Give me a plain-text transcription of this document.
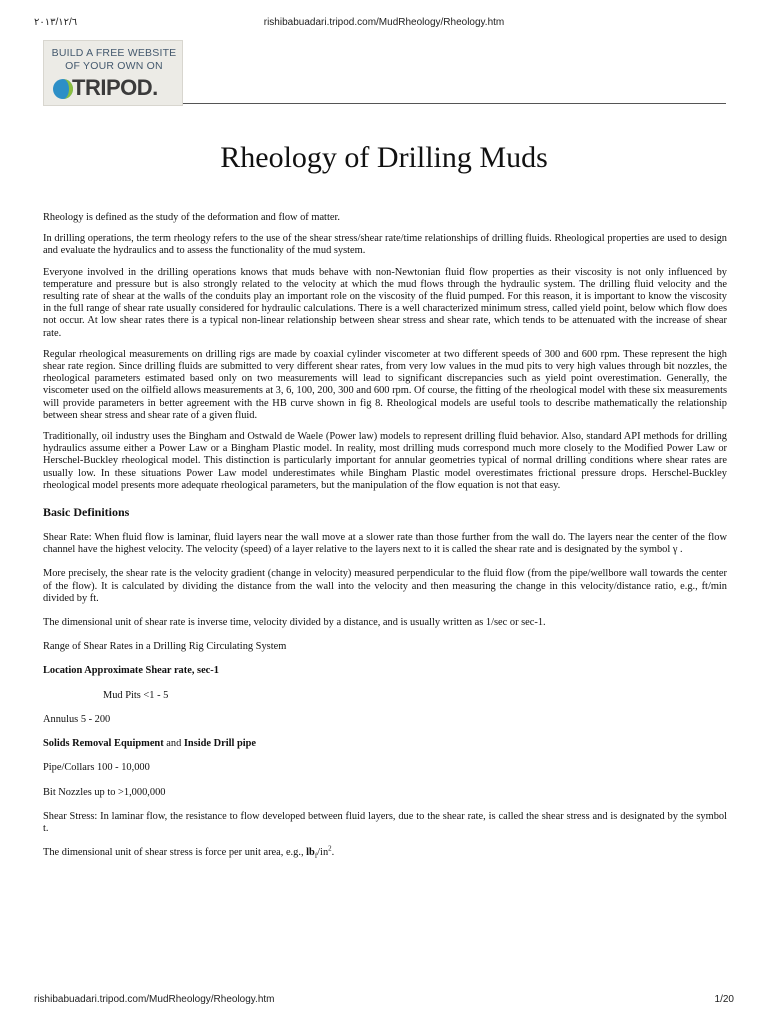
٢٠١٣/١٢/٦	rishibabuadari.tripod.com/MudRheology/Rheology.htm
BUILD A FREE WEBSITE
OF YOUR OWN ON
TRIPOD.
Rheology of Drilling Muds

Rheology is defined as the study of the deformation and flow of matter.

In drilling operations, the term rheology refers to the use of the shear stress/shear rate/time relationships of drilling fluids. Rheological properties are used to design and evaluate the hydraulics and to assess the functionality of the mud system.

Everyone involved in the drilling operations knows that muds behave with non-Newtonian fluid flow properties as their viscosity is not only influenced by temperature and pressure but is also strongly related to the velocity at which the mud flows through the hydraulic system. The drilling fluid velocity and the resulting rate of shear at the walls of the conduits play an important role on the viscosity of the fluid pumped. For this reason, it is important to know the viscosity in the full range of shear rate usually considered for hydraulic calculations. There is a well characterized minimum stress, called yield point, below which flow does not occur. At low shear rates there is a typical non-linear relationship between shear stress and shear rate, which tends to be attenuated with the increase of shear rate.

Regular rheological measurements on drilling rigs are made by coaxial cylinder viscometer at two different speeds of 300 and 600 rpm. These represent the high shear rate region. Since drilling fluids are submitted to very different shear rates, from very low values in the mud pits to very high values through bit nozzles, the rheological parameters estimated based only on two measurements will lead to significant discrepancies such as yield point overestimation. Generally, the viscometer used on the oilfield allows measurements at 3, 6, 100, 200, 300 and 600 rpm. Of course, the fitting of the rheological model with these six measurements will provide parameters in better agreement with the HB curve shown in fig 8. Rheological models are useful tools to describe mathematically the relationship between shear stress and shear rate of a given fluid.

Traditionally, oil industry uses the Bingham and Ostwald de Waele (Power law) models to represent drilling fluid behavior. Also, standard API methods for drilling hydraulics assume either a Power Law or a Bingham Plastic model. In reality, most drilling muds correspond much more closely to the Modified Power Law or Herschel-Buckley rheological model. This distinction is particularly important for annular geometries typical of normal drilling conditions where shear rates are usually low. In these situations Power Law model underestimates while Bingham Plastic model overestimates frictional pressure drops. Herschel-Buckley rheological model presents more adequate rheological parameters, but the manipulation of the flow equation is not that easy.

Basic Definitions

Shear Rate: When fluid flow is laminar, fluid layers near the wall move at a slower rate than those further from the wall do. The layers near the center of the flow channel have the highest velocity. The velocity (speed) of a layer relative to the layers next to it is called the shear rate and is designated by the symbol γ .

More precisely, the shear rate is the velocity gradient (change in velocity) measured perpendicular to the fluid flow (from the pipe/wellbore wall towards the center of the flow). It is calculated by dividing the distance from the wall into the velocity and then measuring the change in this velocity/distance ratio, e.g., ft/min divided by ft.

The dimensional unit of shear rate is inverse time, velocity divided by a distance, and is usually written as 1/sec or sec-1.

Range of Shear Rates in a Drilling Rig Circulating System

Location Approximate Shear rate, sec-1

Mud Pits <1 - 5

Annulus 5 - 200

Solids Removal Equipment and Inside Drill pipe

Pipe/Collars 100 - 10,000

Bit Nozzles up to >1,000,000

Shear Stress: In laminar flow, the resistance to flow developed between fluid layers, due to the shear rate, is called the shear stress and is designated by the symbol t.

The dimensional unit of shear stress is force per unit area, e.g., $lb_f/in^2$.

rishibabuadari.tripod.com/MudRheology/Rheology.htm	1/20
